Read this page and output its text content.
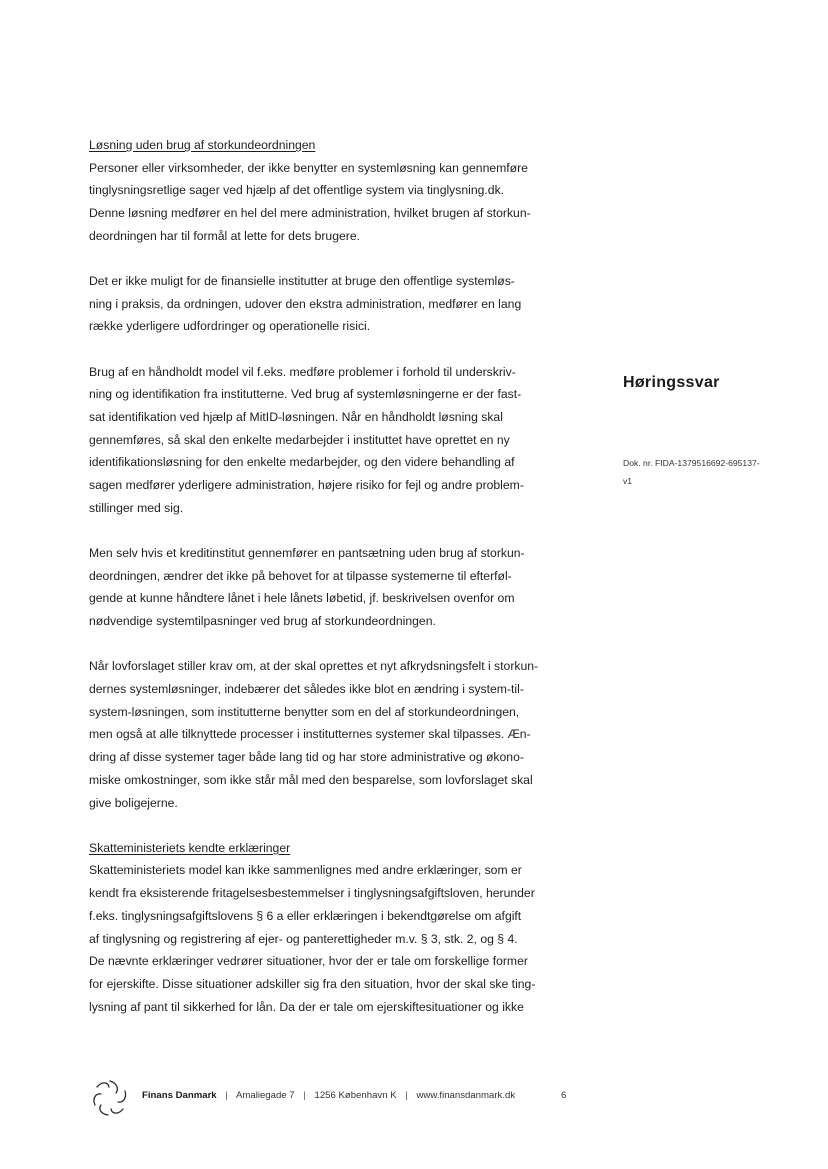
Løsning uden brug af storkundeordningen

Personer eller virksomheder, der ikke benytter en systemløsning kan gennemføre

tinglysningsretlige sager ved hjælp af det offentlige system via tinglysning.dk.

Denne løsning medfører en hel del mere administration, hvilket brugen af storkun-

deordningen har til formål at lette for dets brugere.

Det er ikke muligt for de finansielle institutter at bruge den offentlige systemløs-

ning i praksis, da ordningen, udover den ekstra administration, medfører en lang

række yderligere udfordringer og operationelle risici.

Brug af en håndholdt model vil f.eks. medføre problemer i forhold til underskriv-

ning og identifikation fra institutterne. Ved brug af systemløsningerne er der fast-

sat identifikation ved hjælp af MitID-løsningen. Når en håndholdt løsning skal

gennemføres, så skal den enkelte medarbejder i instituttet have oprettet en ny

identifikationsløsning for den enkelte medarbejder, og den videre behandling af

sagen medfører yderligere administration, højere risiko for fejl og andre problem-

stillinger med sig.

Men selv hvis et kreditinstitut gennemfører en pantsætning uden brug af storkun-

deordningen, ændrer det ikke på behovet for at tilpasse systemerne til efterføl-

gende at kunne håndtere lånet i hele lånets løbetid, jf. beskrivelsen ovenfor om

nødvendige systemtilpasninger ved brug af storkundeordningen.

Når lovforslaget stiller krav om, at der skal oprettes et nyt afkrydsningsfelt i storkun-

dernes systemløsninger, indebærer det således ikke blot en ændring i system-til-

system-løsningen, som institutterne benytter som en del af storkundeordningen,

men også at alle tilknyttede processer i institutternes systemer skal tilpasses. Æn-

dring af disse systemer tager både lang tid og har store administrative og økono-

miske omkostninger, som ikke står mål med den besparelse, som lovforslaget skal

give boligejerne.

Skatteministeriets kendte erklæringer

Skatteministeriets model kan ikke sammenlignes med andre erklæringer, som er

kendt fra eksisterende fritagelsesbestemmelser i tinglysningsafgiftsloven, herunder

f.eks. tinglysningsafgiftslovens § 6 a eller erklæringen i bekendtgørelse om afgift

af tinglysning og registrering af ejer- og panterettigheder m.v. § 3, stk. 2, og § 4.

De nævnte erklæringer vedrører situationer, hvor der er tale om forskellige former

for ejerskifte. Disse situationer adskiller sig fra den situation, hvor der skal ske ting-

lysning af pant til sikkerhed for lån. Da der er tale om ejerskiftesituationer og ikke

Høringssvar
Dok. nr. FIDA-1379516692-695137-
v1
Finans Danmark | Amaliegade 7 | 1256 København K | www.finansdanmark.dk	6
